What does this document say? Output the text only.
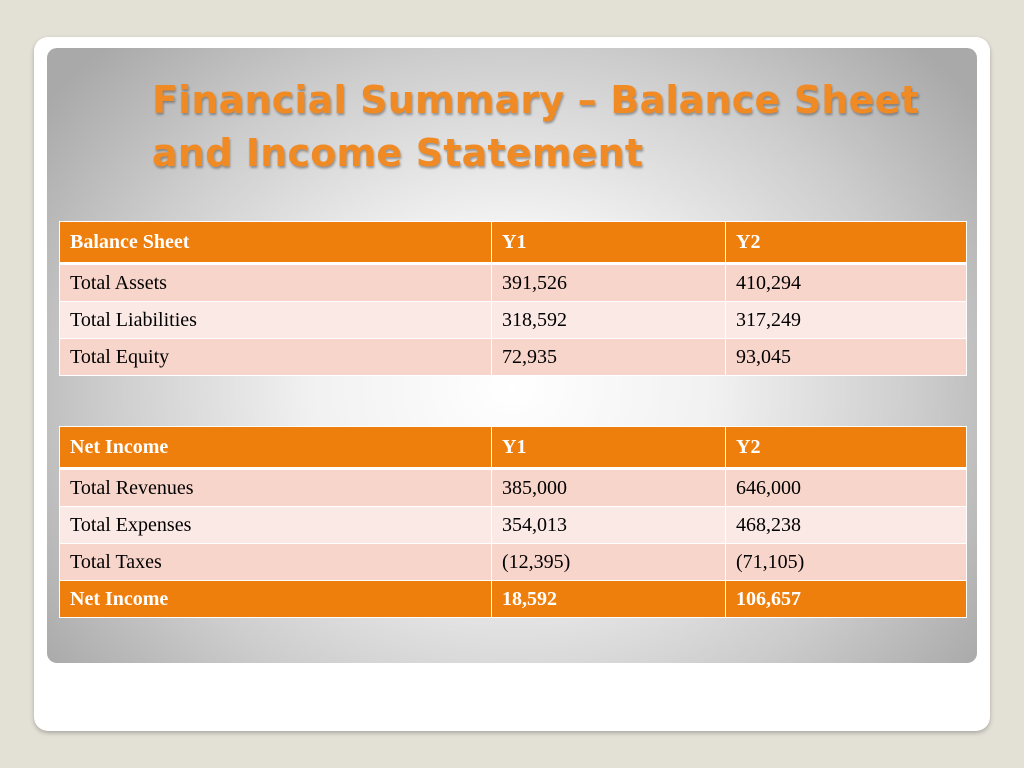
Financial Summary – Balance Sheet and Income Statement
Balance Sheet	Y1	Y2
Total Assets	391,526	410,294
Total Liabilities	318,592	317,249
Total Equity	72,935	93,045
Net Income	Y1	Y2
Total Revenues	385,000	646,000
Total Expenses	354,013	468,238
Total Taxes	(12,395)	(71,105)
Net Income	18,592	106,657
